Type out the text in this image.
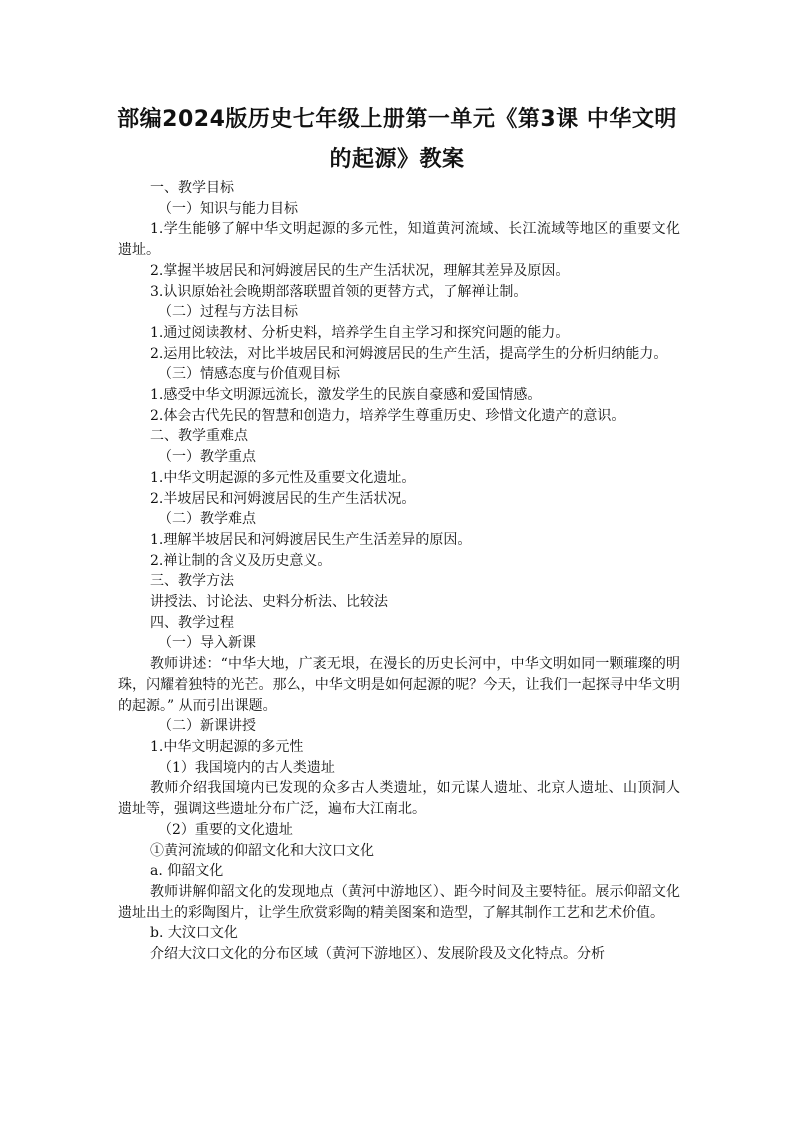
部编2024版历史七年级上册第一单元《第3课 中华文明的起源》教案

一、教学目标

（一）知识与能力目标

1.学生能够了解中华文明起源的多元性，知道黄河流域、长江流域等地区的重要文化遗址。

2.掌握半坡居民和河姆渡居民的生产生活状况，理解其差异及原因。

3.认识原始社会晚期部落联盟首领的更替方式，了解禅让制。

（二）过程与方法目标

1.通过阅读教材、分析史料，培养学生自主学习和探究问题的能力。

2.运用比较法，对比半坡居民和河姆渡居民的生产生活，提高学生的分析归纳能力。

（三）情感态度与价值观目标

1.感受中华文明源远流长，激发学生的民族自豪感和爱国情感。

2.体会古代先民的智慧和创造力，培养学生尊重历史、珍惜文化遗产的意识。

二、教学重难点

（一）教学重点

1.中华文明起源的多元性及重要文化遗址。

2.半坡居民和河姆渡居民的生产生活状况。

（二）教学难点

1.理解半坡居民和河姆渡居民生产生活差异的原因。

2.禅让制的含义及历史意义。

三、教学方法

讲授法、讨论法、史料分析法、比较法

四、教学过程

（一）导入新课

教师讲述：“中华大地，广袤无垠，在漫长的历史长河中，中华文明如同一颗璀璨的明珠，闪耀着独特的光芒。那么，中华文明是如何起源的呢？今天，让我们一起探寻中华文明的起源。” 从而引出课题。

（二）新课讲授

1.中华文明起源的多元性

（1）我国境内的古人类遗址

教师介绍我国境内已发现的众多古人类遗址，如元谋人遗址、北京人遗址、山顶洞人遗址等，强调这些遗址分布广泛，遍布大江南北。

（2）重要的文化遗址

①黄河流域的仰韶文化和大汶口文化

a. 仰韶文化

教师讲解仰韶文化的发现地点（黄河中游地区）、距今时间及主要特征。展示仰韶文化遗址出土的彩陶图片，让学生欣赏彩陶的精美图案和造型，了解其制作工艺和艺术价值。

b. 大汶口文化

介绍大汶口文化的分布区域（黄河下游地区）、发展阶段及文化特点。分析
